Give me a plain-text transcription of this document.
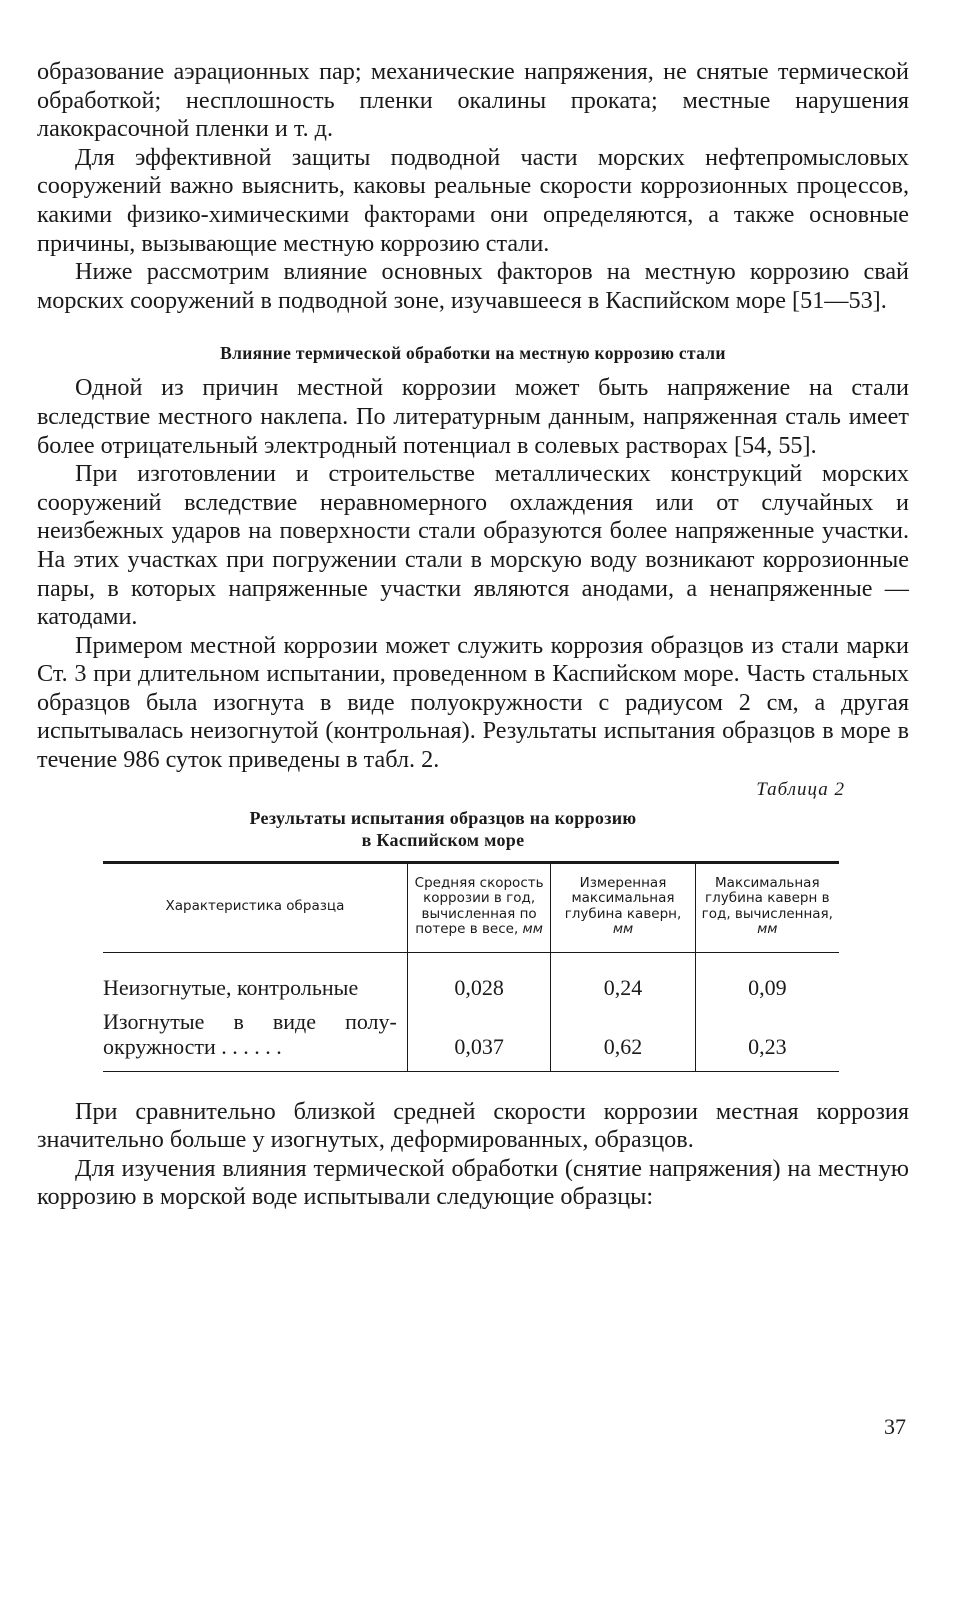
образование аэрационных пар; механические напряжения, не снятые термической обработкой; несплошность пленки окалины проката; местные нарушения лакокрасочной пленки и т. д.

Для эффективной защиты подводной части морских нефтепромысловых сооружений важно выяснить, каковы реальные скорости коррозионных процессов, какими физико-химическими факторами они определяются, а также основные причины, вызывающие местную коррозию стали.

Ниже рассмотрим влияние основных факторов на местную коррозию свай морских сооружений в подводной зоне, изучавшееся в Каспийском море [51—53].

Влияние термической обработки на местную коррозию стали

Одной из причин местной коррозии может быть напряжение на стали вследствие местного наклепа. По литературным данным, напряженная сталь имеет более отрицательный электродный потенциал в солевых растворах [54, 55].

При изготовлении и строительстве металлических конструкций морских сооружений вследствие неравномерного охлаждения или от случайных и неизбежных ударов на поверхности стали образуются более напряженные участки. На этих участках при погружении стали в морскую воду возникают коррозионные пары, в которых напряженные участки являются анодами, а ненапряженные — катодами.

Примером местной коррозии может служить коррозия образцов из стали марки Ст. 3 при длительном испытании, проведенном в Каспийском море. Часть стальных образцов была изогнута в виде полуокружности с радиусом 2 см, а другая испытывалась неизогнутой (контрольная). Результаты испытания образцов в море в течение 986 суток приведены в табл. 2.

Таблица 2
Результаты испытания образцов на коррозию
в Каспийском море
Характеристика образца	Средняя скорость коррозии в год, вычисленная по потере в весе, мм	Измеренная максимальная глубина каверн, мм	Максимальная глубина каверн в год, вычисленная, мм

Неизогнутые, контрольные	0,028	0,24	0,09

Изогнутые в виде полу-
окружности . . . . . .	0,037	0,62	0,23

При сравнительно близкой средней скорости коррозии местная коррозия значительно больше у изогнутых, деформированных, образцов.

Для изучения влияния термической обработки (снятие напряжения) на местную коррозию в морской воде испытывали следующие образцы:

37
